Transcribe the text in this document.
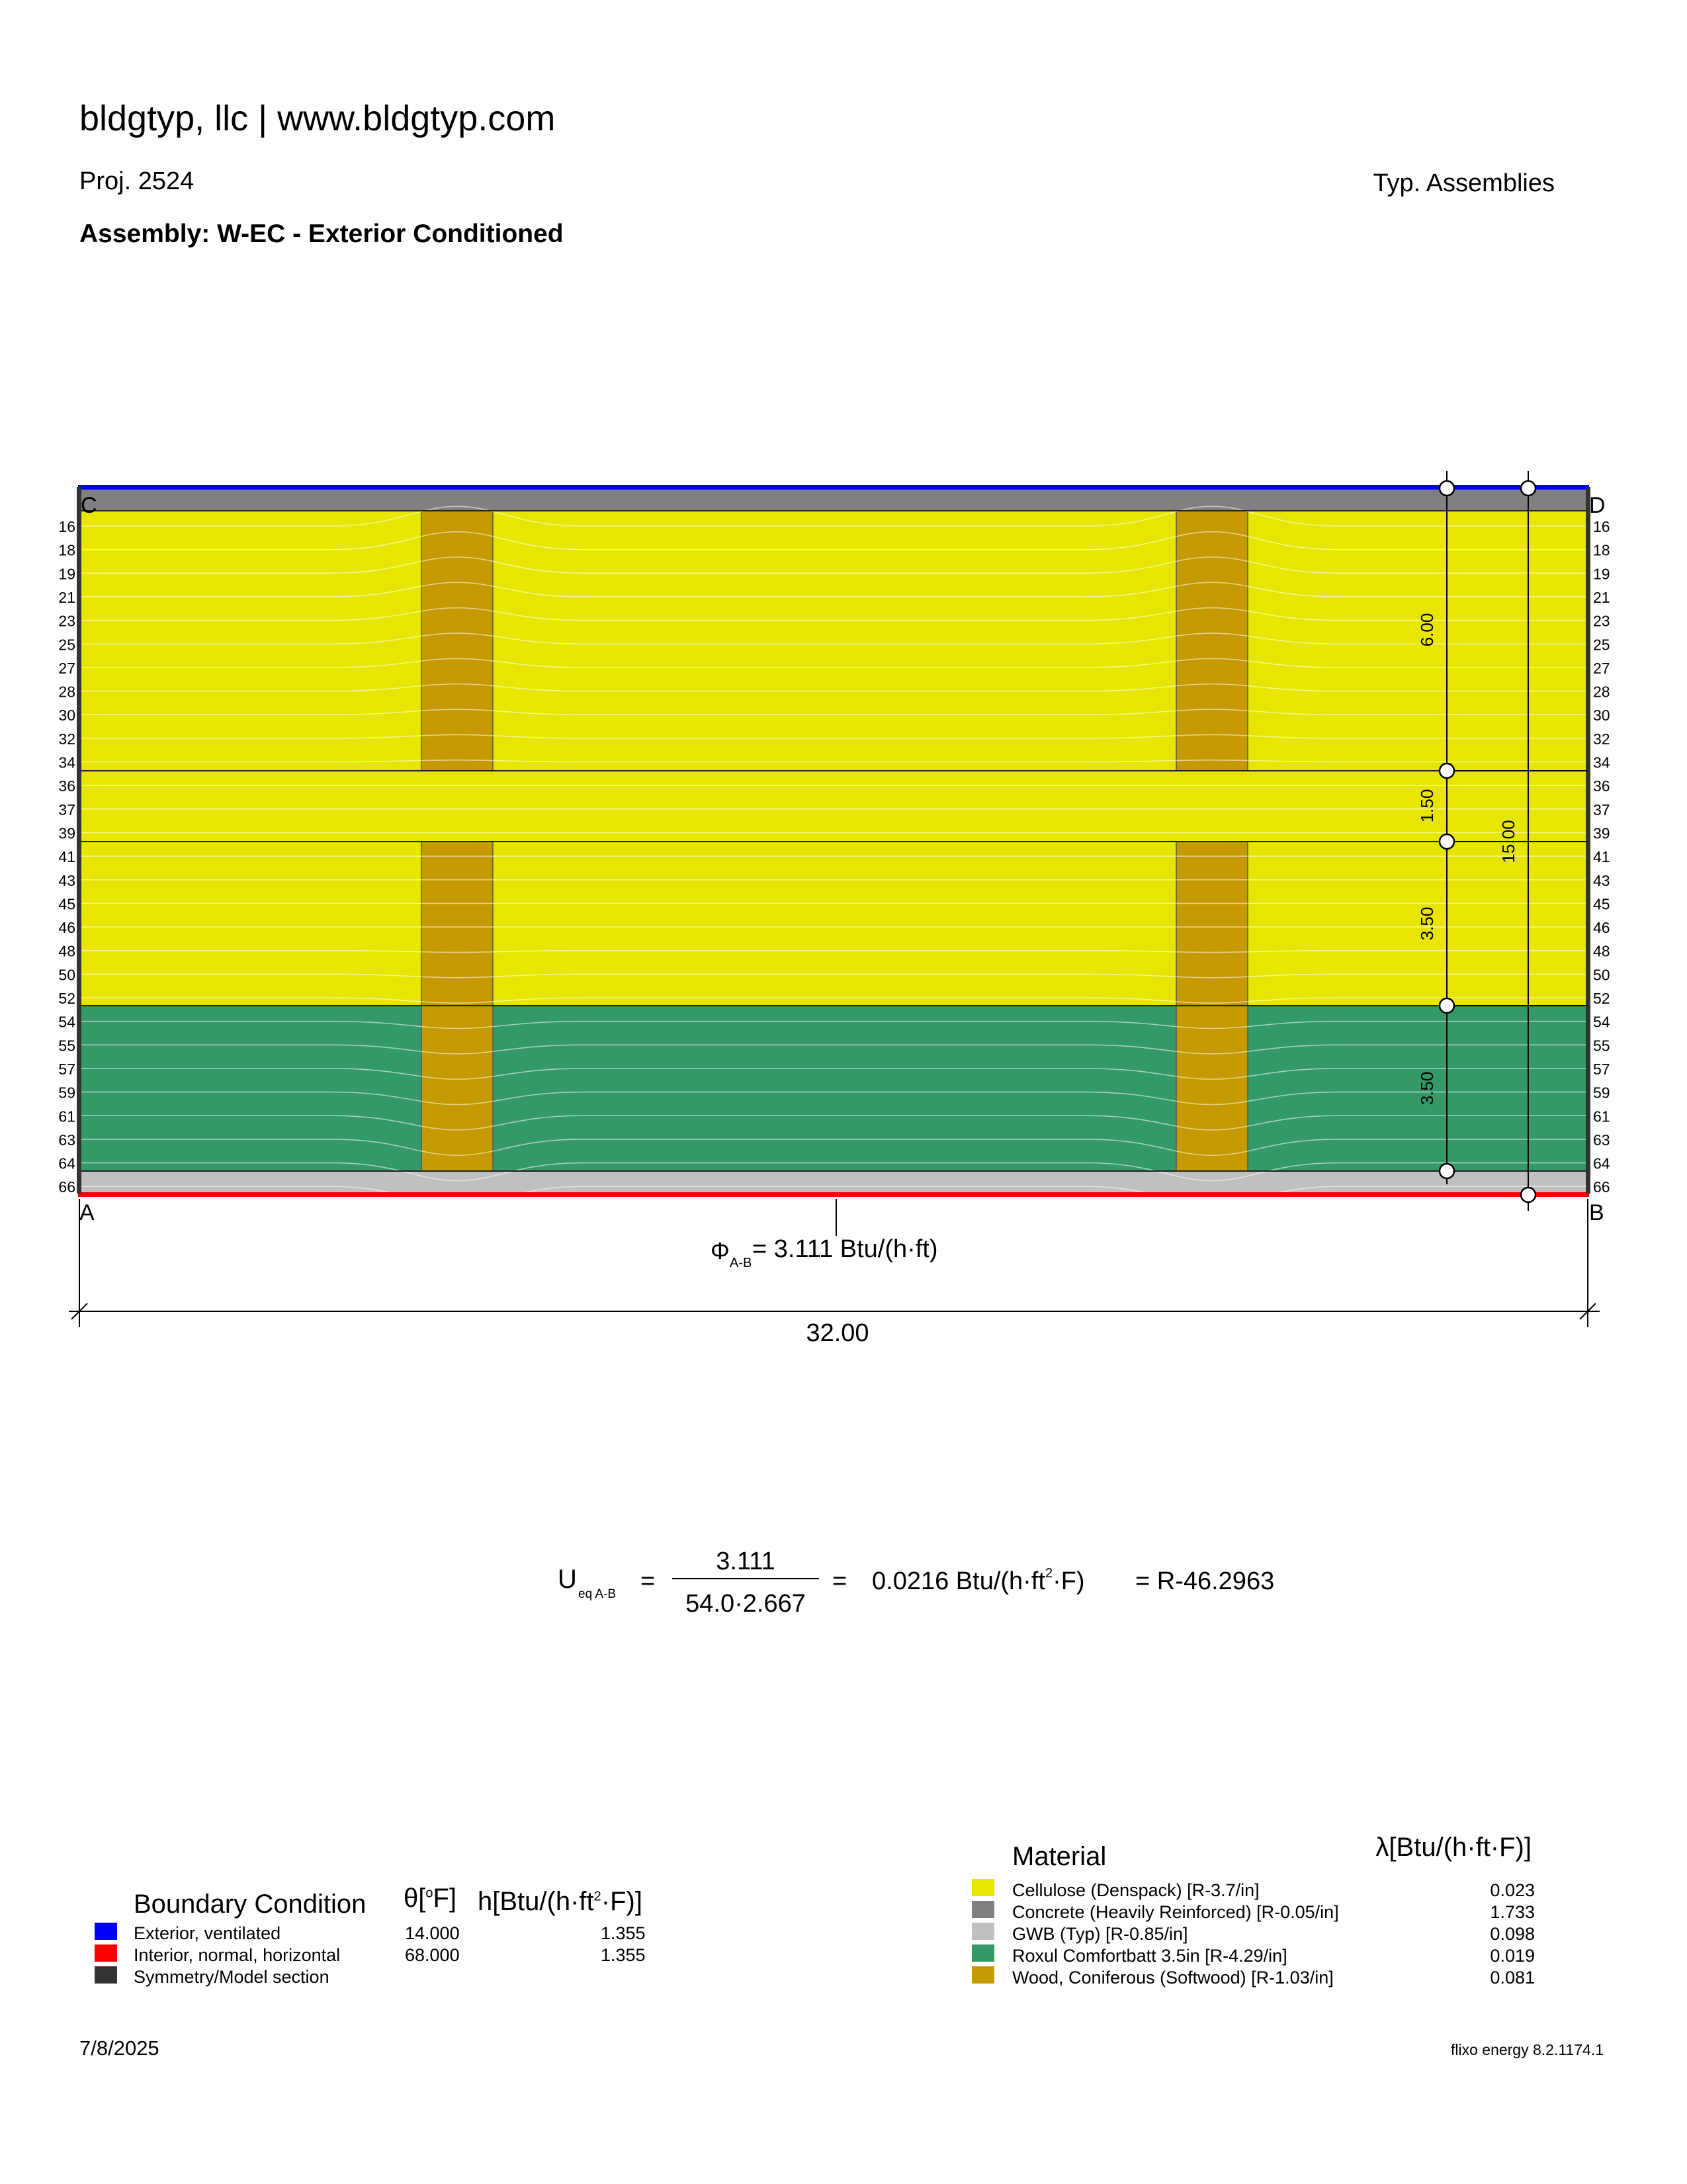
bldgtyp, llc | www.bldgtyp.com
Proj. 2524	Typ. Assemblies
Assembly: W-EC - Exterior Conditioned
C	D
A	B
16
18
19
21
23
25
27
28
30
32
34
36
37
39
41
43
45
46
48
50
52
54
55
57
59
61
63
64
66
16
18
19
21
23
25
27
28
30
32
34
36
37
39
41
43
45
46
48
50
52
54
55
57
59
61
63
64
66
6.00
1.50
3.50
3.50
15.00
Φ A-B = 3.111 Btu/(h·ft)
32.00
U
eq A-B =
3.111
54.0·2.667
= 0.0216 Btu/$(h\cdot ft^2\cdot F) = R-46.2963$
Boundary Condition θ[$^o$F] $h[Btu/(h\cdot ft^2\cdot F)]$
Exterior, ventilated	14.000	1.355
Interior, normal, horizontal	68.000	1.355
Symmetry/Model section
Material	λ[Btu/(h·ft·F)]
Cellulose (Denspack) [R-3.7/in]	0.023
Concrete (Heavily Reinforced) [R-0.05/in]	1.733
GWB (Typ) [R-0.85/in]	0.098
Roxul Comfortbatt 3.5in [R-4.29/in]	0.019
Wood, Coniferous (Softwood) [R-1.03/in]	0.081
7/8/2025	flixo energy 8.2.1174.1
